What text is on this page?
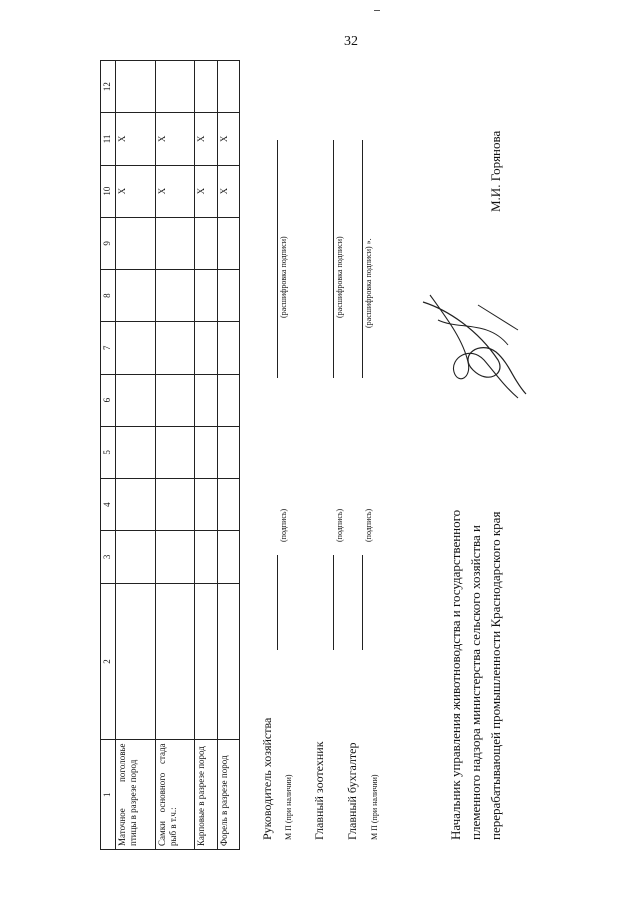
32
1	2	3	4	5	6	7	8	9	10	11	12
Маточное поголовье птицы в разрезе пород									Х	Х	
Самки основного стада рыб в т.ч.:									Х	Х	
Карповые в разрезе пород									Х	Х	
Форель в разрезе пород									Х	Х	
Руководитель хозяйства М П (при наличии)
(подпись)
(расшифровка подписи)
Главный зоотехник
(подпись)
(расшифровка подписи)
Главный бухгалтер М П (при наличии)
(подпись)
(расшифровка подписи) ».
Начальник управления животноводства и государственного племенного надзора министерства сельского хозяйства и перерабатывающей промышленности Краснодарского края
М.И. Горянова
